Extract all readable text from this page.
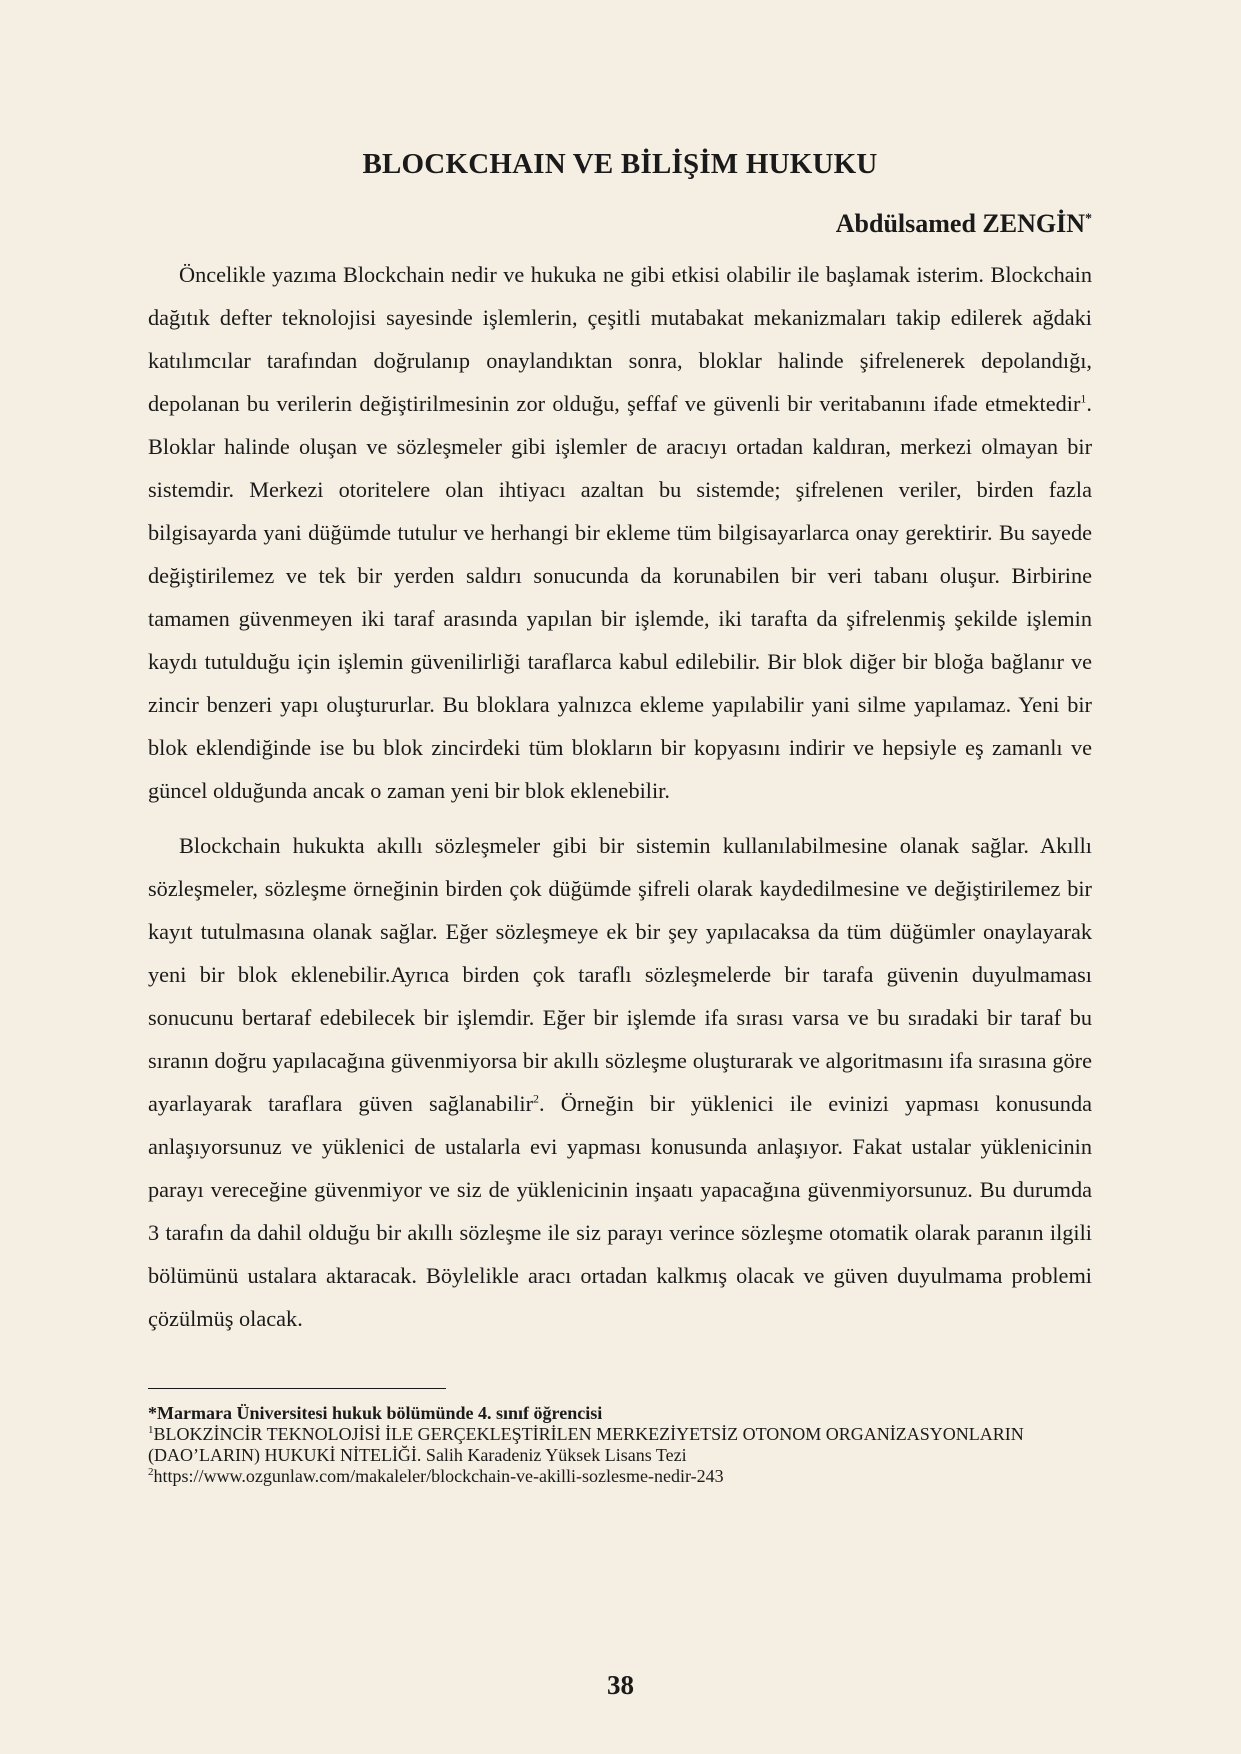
BLOCKCHAIN VE BİLİŞİM HUKUKU
Abdülsamed ZENGİN*

Öncelikle yazıma Blockchain nedir ve hukuka ne gibi etkisi olabilir ile başlamak isterim. Blockchain dağıtık defter teknolojisi sayesinde işlemlerin, çeşitli mutabakat mekanizmaları takip edilerek ağdaki katılımcılar tarafından doğrulanıp onaylandıktan sonra, bloklar halinde şifrelenerek depolandığı, depolanan bu verilerin değiştirilmesinin zor olduğu, şeffaf ve güvenli bir veritabanını ifade etmektedir$^1$. Bloklar halinde oluşan ve sözleşmeler gibi işlemler de aracıyı ortadan kaldıran, merkezi olmayan bir sistemdir. Merkezi otoritelere olan ihtiyacı azaltan bu sistemde; şifrelenen veriler, birden fazla bilgisayarda yani düğümde tutulur ve herhangi bir ekleme tüm bilgisayarlarca onay gerektirir. Bu sayede değiştirilemez ve tek bir yerden saldırı sonucunda da korunabilen bir veri tabanı oluşur. Birbirine tamamen güvenmeyen iki taraf arasında yapılan bir işlemde, iki tarafta da şifrelenmiş şekilde işlemin kaydı tutulduğu için işlemin güvenilirliği taraflarca kabul edilebilir. Bir blok diğer bir bloğa bağlanır ve zincir benzeri yapı oluştururlar. Bu bloklara yalnızca ekleme yapılabilir yani silme yapılamaz. Yeni bir blok eklendiğinde ise bu blok zincirdeki tüm blokların bir kopyasını indirir ve hepsiyle eş zamanlı ve güncel olduğunda ancak o zaman yeni bir blok eklenebilir.

Blockchain hukukta akıllı sözleşmeler gibi bir sistemin kullanılabilmesine olanak sağlar. Akıllı sözleşmeler, sözleşme örneğinin birden çok düğümde şifreli olarak kaydedilmesine ve değiştirilemez bir kayıt tutulmasına olanak sağlar. Eğer sözleşmeye ek bir şey yapılacaksa da tüm düğümler onaylayarak yeni bir blok eklenebilir.Ayrıca birden çok taraflı sözleşmelerde bir tarafa güvenin duyulmaması sonucunu bertaraf edebilecek bir işlemdir. Eğer bir işlemde ifa sırası varsa ve bu sıradaki bir taraf bu sıranın doğru yapılacağına güvenmiyorsa bir akıllı sözleşme oluşturarak ve algoritmasını ifa sırasına göre ayarlayarak taraflara güven sağlanabilir$^2$. Örneğin bir yüklenici ile evinizi yapması konusunda anlaşıyorsunuz ve yüklenici de ustalarla evi yapması konusunda anlaşıyor. Fakat ustalar yüklenicinin parayı vereceğine güvenmiyor ve siz de yüklenicinin inşaatı yapacağına güvenmiyorsunuz. Bu durumda 3 tarafın da dahil olduğu bir akıllı sözleşme ile siz parayı verince sözleşme otomatik olarak paranın ilgili bölümünü ustalara aktaracak. Böylelikle aracı ortadan kalkmış olacak ve güven duyulmama problemi çözülmüş olacak.

*Marmara Üniversitesi hukuk bölümünde 4. sınıf öğrencisi

$^1$BLOKZİNCİR TEKNOLOJİSİ İLE GERÇEKLEŞTİRİLEN MERKEZİYETSİZ OTONOM ORGANİZASYONLARIN (DAO’LARIN) HUKUKİ NİTELİĞİ. Salih Karadeniz Yüksek Lisans Tezi

$^2$https://www.ozgunlaw.com/makaleler/blockchain-ve-akilli-sozlesme-nedir-243

38
